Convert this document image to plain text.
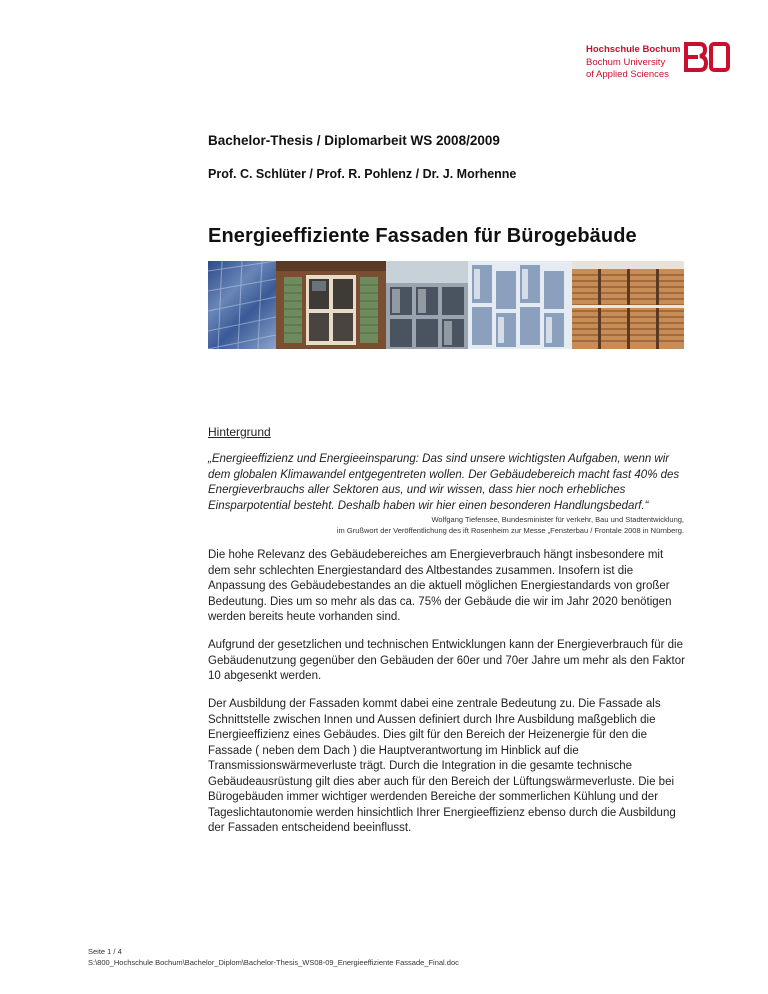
Hochschule Bochum
Bochum University
of Applied Sciences
Bachelor-Thesis / Diplomarbeit WS 2008/2009
Prof. C. Schlüter / Prof. R. Pohlenz / Dr. J. Morhenne
Energieeffiziente Fassaden für Bürogebäude
Hintergrund
„Energieeffizienz und Energieeinsparung: Das sind unsere wichtigsten Aufgaben, wenn wir dem globalen Klimawandel entgegentreten wollen. Der Gebäudebereich macht fast 40% des Energieverbrauchs aller Sektoren aus, und wir wissen, dass hier noch erhebliches Einsparpotential besteht. Deshalb haben wir hier einen besonderen Handlungsbedarf.“
Wolfgang Tiefensee, Bundesminister für verkehr, Bau und Stadtentwicklung,
im Grußwort der Veröffentlichung des ift Rosenheim zur Messe „Fensterbau / Frontale 2008 in Nürnberg.
Die hohe Relevanz des Gebäudebereiches am Energieverbrauch hängt insbesondere mit dem sehr schlechten Energiestandard des Altbestandes zusammen. Insofern ist die Anpassung des Gebäudebestandes an die aktuell möglichen Energiestandards von großer Bedeutung. Dies um so mehr als das ca. 75% der Gebäude die wir im Jahr 2020 benötigen werden bereits heute vorhanden sind.
Aufgrund der gesetzlichen und technischen Entwicklungen kann der Energieverbrauch für die Gebäudenutzung gegenüber den Gebäuden der 60er und 70er Jahre um mehr als den Faktor 10 abgesenkt werden.
Der Ausbildung der Fassaden kommt dabei eine zentrale Bedeutung zu. Die Fassade als Schnittstelle zwischen Innen und Aussen definiert durch Ihre Ausbildung maßgeblich die Energieeffizienz eines Gebäudes. Dies gilt für den Bereich der Heizenergie für den die Fassade ( neben dem Dach ) die Hauptverantwortung im Hinblick auf die Transmissionswärmeverluste trägt. Durch die Integration in die gesamte technische Gebäudeausrüstung gilt dies aber auch für den Bereich der Lüftungswärmeverluste. Die bei Bürogebäuden immer wichtiger werdenden Bereiche der sommerlichen Kühlung und der Tageslichtautonomie werden hinsichtlich Ihrer Energieeffizienz ebenso durch die Ausbildung der Fassaden entscheidend beeinflusst.
Seite 1 / 4
S:\800_Hochschule Bochum\Bachelor_Diplom\Bachelor-Thesis_WS08-09_Energieeffiziente Fassade_Final.doc
